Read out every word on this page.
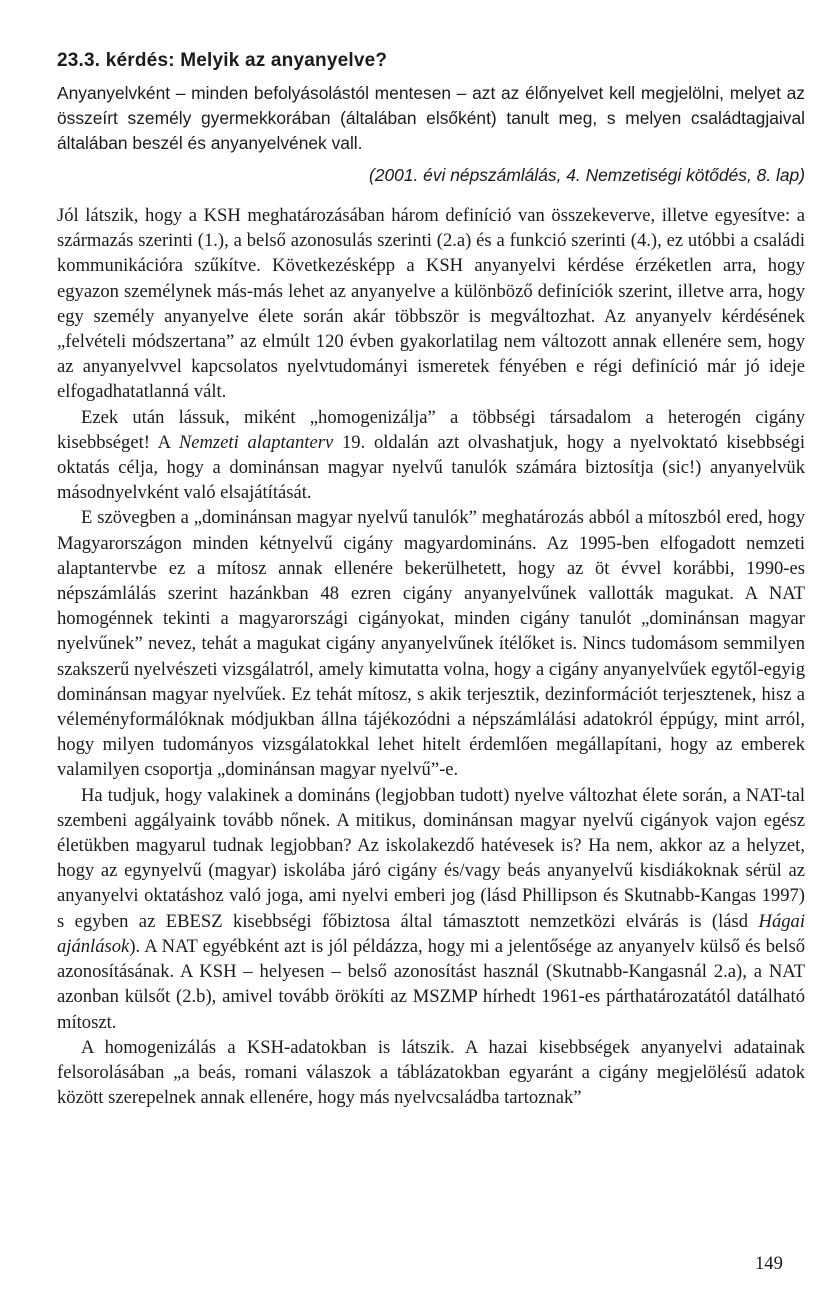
23.3. kérdés: Melyik az anyanyelve?

Anyanyelvként – minden befolyásolástól mentesen – azt az élőnyelvet kell megjelölni, melyet az összeírt személy gyermekkorában (általában elsőként) tanult meg, s melyen családtagjaival általában beszél és anyanyelvének vall.

(2001. évi népszámlálás, 4. Nemzetiségi kötődés, 8. lap)

Jól látszik, hogy a KSH meghatározásában három definíció van összekeverve, illetve egyesítve: a származás szerinti (1.), a belső azonosulás szerinti (2.a) és a funkció szerinti (4.), ez utóbbi a családi kommunikációra szűkítve. Következésképp a KSH anyanyelvi kérdése érzéketlen arra, hogy egyazon személynek más-más lehet az anyanyelve a különböző definíciók szerint, illetve arra, hogy egy személy anyanyelve élete során akár többször is megváltozhat. Az anyanyelv kérdésének „felvételi módszertana” az elmúlt 120 évben gyakorlatilag nem változott annak ellenére sem, hogy az anyanyelvvel kapcsolatos nyelvtudományi ismeretek fényében e régi definíció már jó ideje elfogadhatatlanná vált.

Ezek után lássuk, miként „homogenizálja” a többségi társadalom a heterogén cigány kisebbséget! A Nemzeti alaptanterv 19. oldalán azt olvashatjuk, hogy a nyelvoktató kisebbségi oktatás célja, hogy a dominánsan magyar nyelvű tanulók számára biztosítja (sic!) anyanyelvük másodnyelvként való elsajátítását.

E szövegben a „dominánsan magyar nyelvű tanulók” meghatározás abból a mítoszból ered, hogy Magyarországon minden kétnyelvű cigány magyardomináns. Az 1995-ben elfogadott nemzeti alaptantervbe ez a mítosz annak ellenére bekerülhetett, hogy az öt évvel korábbi, 1990-es népszámlálás szerint hazánkban 48 ezren cigány anyanyelvűnek vallották magukat. A NAT homogénnek tekinti a magyarországi cigányokat, minden cigány tanulót „dominánsan magyar nyelvűnek” nevez, tehát a magukat cigány anyanyelvűnek ítélőket is. Nincs tudomásom semmilyen szakszerű nyelvészeti vizsgálatról, amely kimutatta volna, hogy a cigány anyanyelvűek egytől-egyig dominánsan magyar nyelvűek. Ez tehát mítosz, s akik terjesztik, dezinformációt terjesztenek, hisz a véleményformálóknak módjukban állna tájékozódni a népszámlálási adatokról éppúgy, mint arról, hogy milyen tudományos vizsgálatokkal lehet hitelt érdemlően megállapítani, hogy az emberek valamilyen csoportja „dominánsan magyar nyelvű”-e.

Ha tudjuk, hogy valakinek a domináns (legjobban tudott) nyelve változhat élete során, a NAT-tal szembeni aggályaink tovább nőnek. A mitikus, dominánsan magyar nyelvű cigányok vajon egész életükben magyarul tudnak legjobban? Az iskolakezdő hatévesek is? Ha nem, akkor az a helyzet, hogy az egynyelvű (magyar) iskolába járó cigány és/vagy beás anyanyelvű kisdiákoknak sérül az anyanyelvi oktatáshoz való joga, ami nyelvi emberi jog (lásd Phillipson és Skutnabb-Kangas 1997) s egyben az EBESZ kisebbségi főbiztosa által támasztott nemzetközi elvárás is (lásd Hágai ajánlások). A NAT egyébként azt is jól példázza, hogy mi a jelentősége az anyanyelv külső és belső azonosításának. A KSH – helyesen – belső azonosítást használ (Skutnabb-Kangasnál 2.a), a NAT azonban külsőt (2.b), amivel tovább örökíti az MSZMP hírhedt 1961-es párthatározatától datálható mítoszt.

A homogenizálás a KSH-adatokban is látszik. A hazai kisebbségek anyanyelvi adatainak felsorolásában „a beás, romani válaszok a táblázatokban egyaránt a cigány megjelölésű adatok között szerepelnek annak ellenére, hogy más nyelvcsaládba tartoznak”

149
